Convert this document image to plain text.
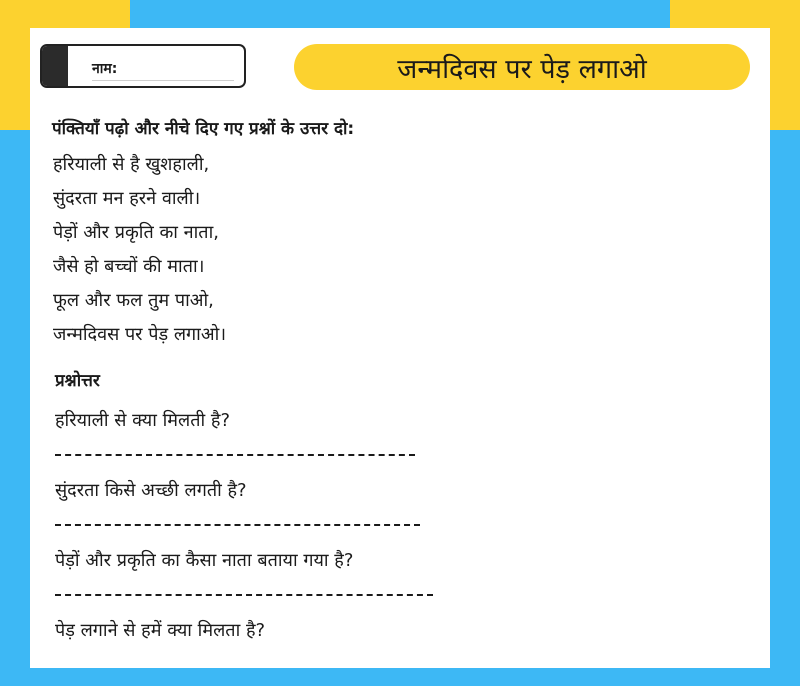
नाम:	जन्मदिवस पर पेड़ लगाओ
पंक्तियाँ पढ़ो और नीचे दिए गए प्रश्नों के उत्तर दो:
हरियाली से है खुशहाली,
सुंदरता मन हरने वाली।
पेड़ों और प्रकृति का नाता,
जैसे हो बच्चों की माता।
फूल और फल तुम पाओ,
जन्मदिवस पर पेड़ लगाओ।
प्रश्नोत्तर
हरियाली से क्या मिलती है?
सुंदरता किसे अच्छी लगती है?
पेड़ों और प्रकृति का कैसा नाता बताया गया है?
पेड़ लगाने से हमें क्या मिलता है?
